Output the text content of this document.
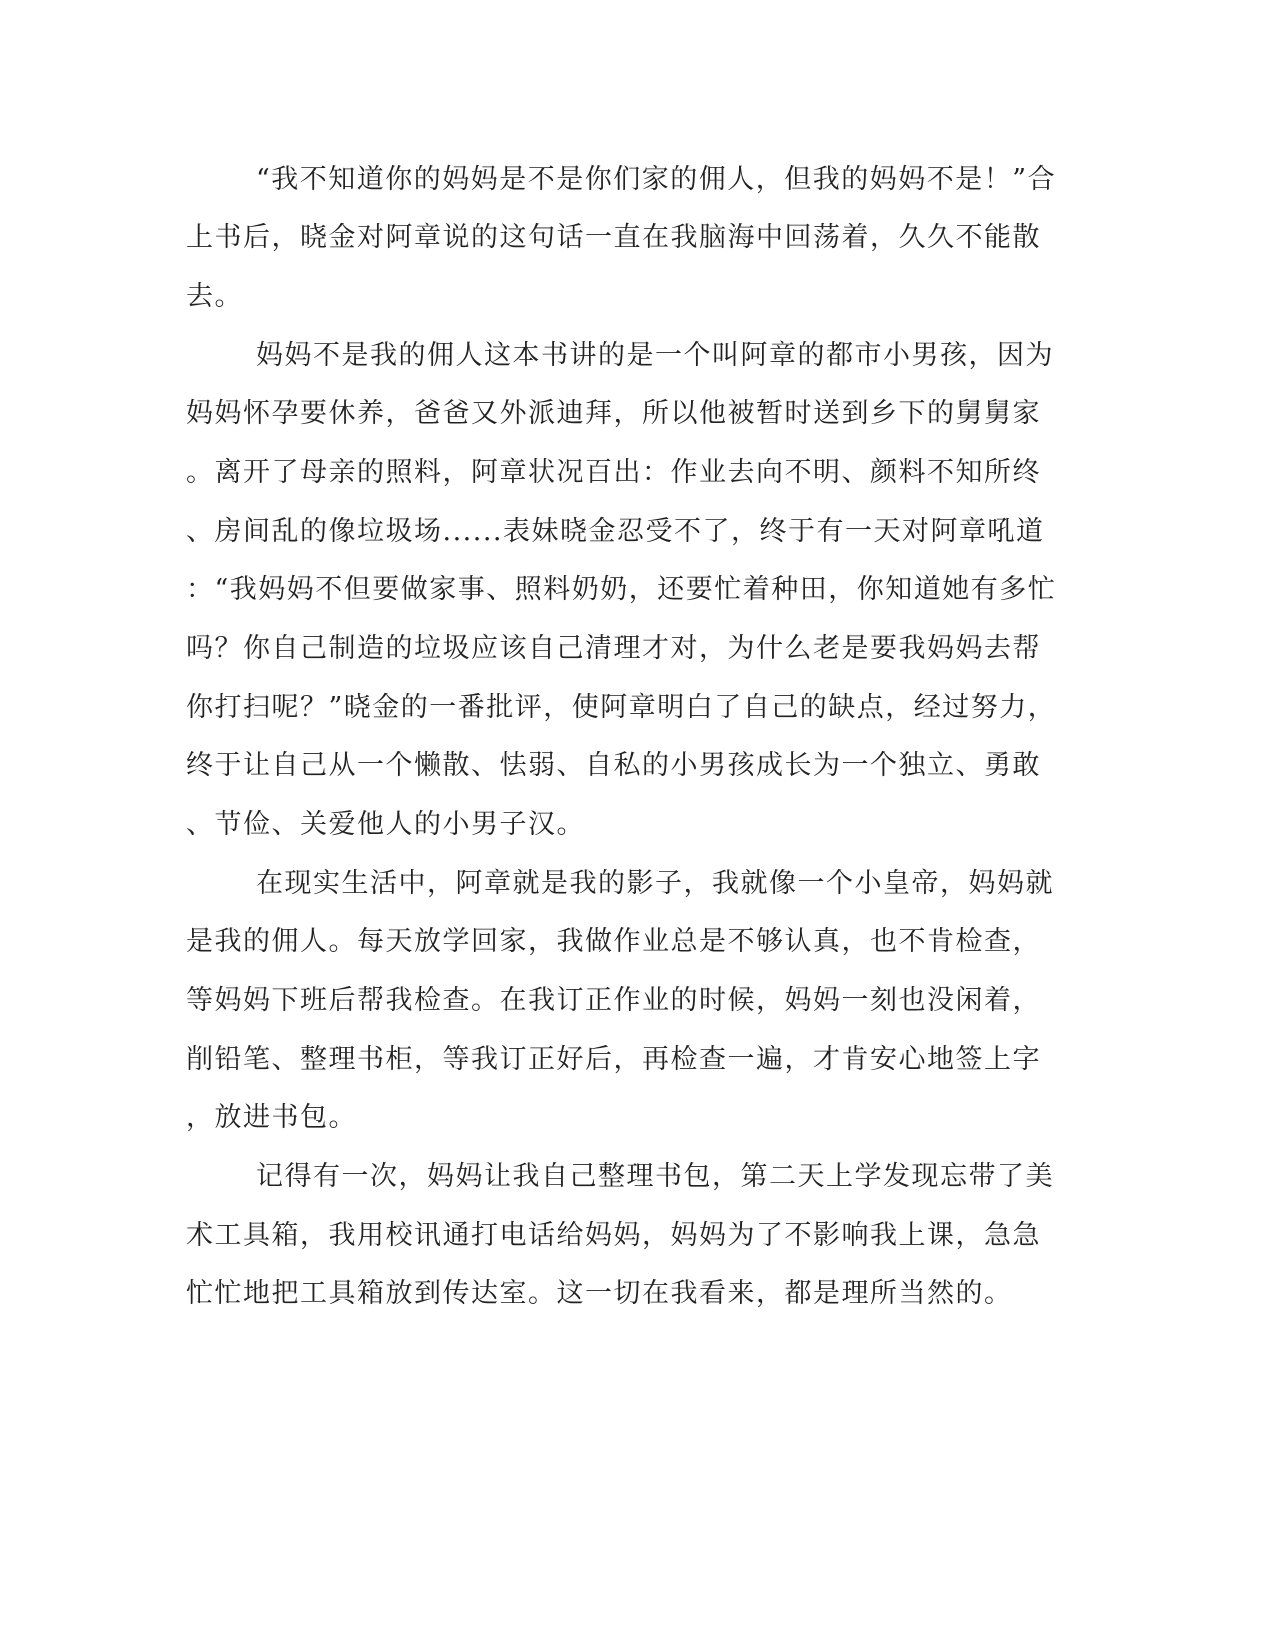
“我不知道你的妈妈是不是你们家的佣人，但我的妈妈不是！”合
上书后，晓金对阿章说的这句话一直在我脑海中回荡着，久久不能散
去。
妈妈不是我的佣人这本书讲的是一个叫阿章的都市小男孩，因为
妈妈怀孕要休养，爸爸又外派迪拜，所以他被暂时送到乡下的舅舅家
。离开了母亲的照料，阿章状况百出：作业去向不明、颜料不知所终
、房间乱的像垃圾场......表妹晓金忍受不了，终于有一天对阿章吼道
：“我妈妈不但要做家事、照料奶奶，还要忙着种田，你知道她有多忙
吗？你自己制造的垃圾应该自己清理才对，为什么老是要我妈妈去帮
你打扫呢？”晓金的一番批评，使阿章明白了自己的缺点，经过努力，
终于让自己从一个懒散、怯弱、自私的小男孩成长为一个独立、勇敢
、节俭、关爱他人的小男子汉。
在现实生活中，阿章就是我的影子，我就像一个小皇帝，妈妈就
是我的佣人。每天放学回家，我做作业总是不够认真，也不肯检查，
等妈妈下班后帮我检查。在我订正作业的时候，妈妈一刻也没闲着，
削铅笔、整理书柜，等我订正好后，再检查一遍，才肯安心地签上字
，放进书包。
记得有一次，妈妈让我自己整理书包，第二天上学发现忘带了美
术工具箱，我用校讯通打电话给妈妈，妈妈为了不影响我上课，急急
忙忙地把工具箱放到传达室。这一切在我看来，都是理所当然的。
